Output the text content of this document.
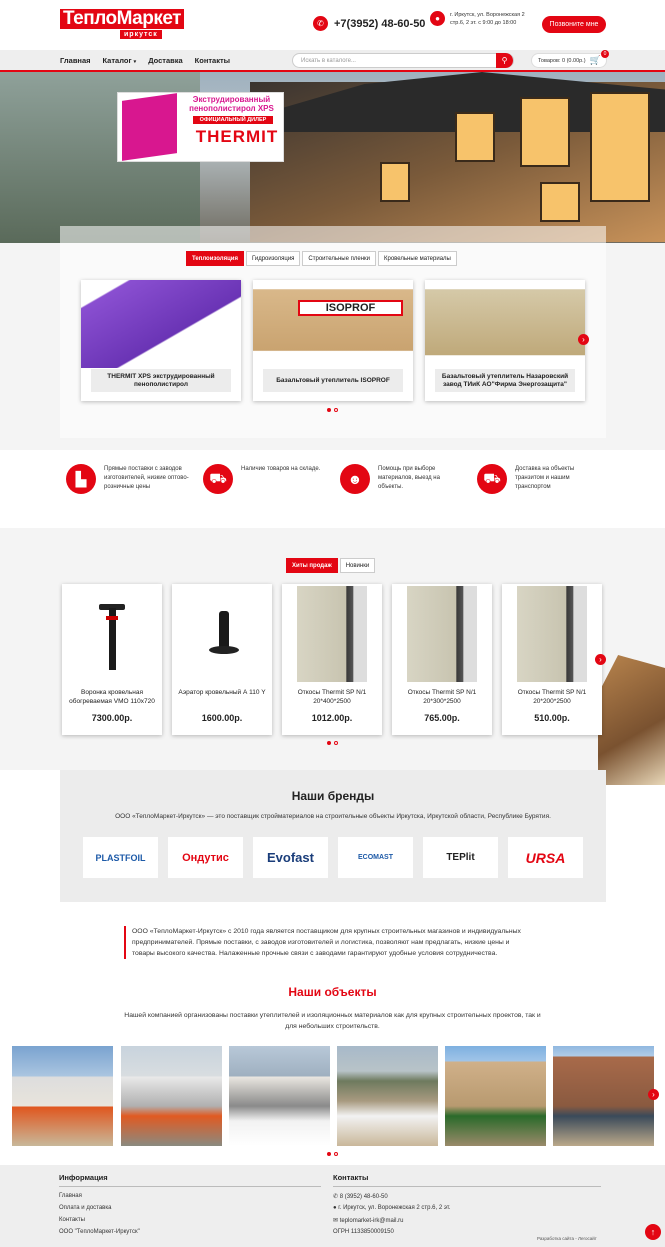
ТеплоМаркет
иркутск
✆ +7(3952) 48-60-50	●	г. Иркутск, ул. Воронежская 2 стр.6, 2 эт. с 9:00 до 18:00	Позвоните мне
Главная Каталог ▾ Доставка Контакты	Искать в каталоге...	⚲	Товаров: 0 (0.00р.) 🛒
0
Экструдированный пенополистирол XPS
ОФИЦИАЛЬНЫЙ ДИЛЕР
THERMIT
Теплоизоляция	Гидроизоляция	Строительные пленки	Кровельные материалы
THERMIT XPS экструдированный пенополистирол
ISOPROF
Базальтовый утеплитель ISOPROF
Базальтовый утеплитель Назаровский завод ТИиК АО"Фирма Энергозащита"
›
▙
Прямые поставки с заводов изготовителей, низкие оптово-розничные цены
⛟
Наличие товаров на складе.
☻
Помощь при выборе материалов, выезд на объекты.
⛟
Доставка на объекты транзитом и нашим транспортом
Хиты продаж	Новинки
Воронка кровельная обогреваемая VMO 110x720
7300.00р.
Аэратор кровельный А 110 Y
1600.00р.
Откосы Thermit SP N/1 20*400*2500
1012.00р.
Откосы Thermit SP N/1 20*300*2500
765.00р.
Откосы Thermit SP N/1 20*200*2500
510.00р.
›
Наши бренды

ООО «ТеплоМаркет-Иркутск» — это поставщик стройматериалов на строительные объекты Иркутска, Иркутской области, Республике Бурятия.

PLASTFOIL	Ондутис	Evofast	ECOMAST	TEPlit	URSA
ООО «ТеплоМаркет-Иркутск» с 2010 года является поставщиком для крупных строительных магазинов и индивидуальных предпринимателей. Прямые поставки, с заводов изготовителей и логистика, позволяют нам предлагать, низкие цены и товары высокого качества. Налаженные прочные связи с заводами гарантируют удобные условия сотрудничества.
Наши объекты
Нашей компанией организованы поставки утеплителей и изоляционных материалов как для крупных строительных проектов, так и для небольших строительств.
›
Информация
Главная
Оплата и доставка
Контакты
ООО "ТеплоМаркет-Иркутск"
Контакты
✆ 8 (3952) 48-60-50
● г. Иркутск, ул. Воронежская 2 стр.6, 2 эт.
✉ teplomarket-irk@mail.ru
ОГРН 1133850009150
Разработка сайта - Легосайт
↑
